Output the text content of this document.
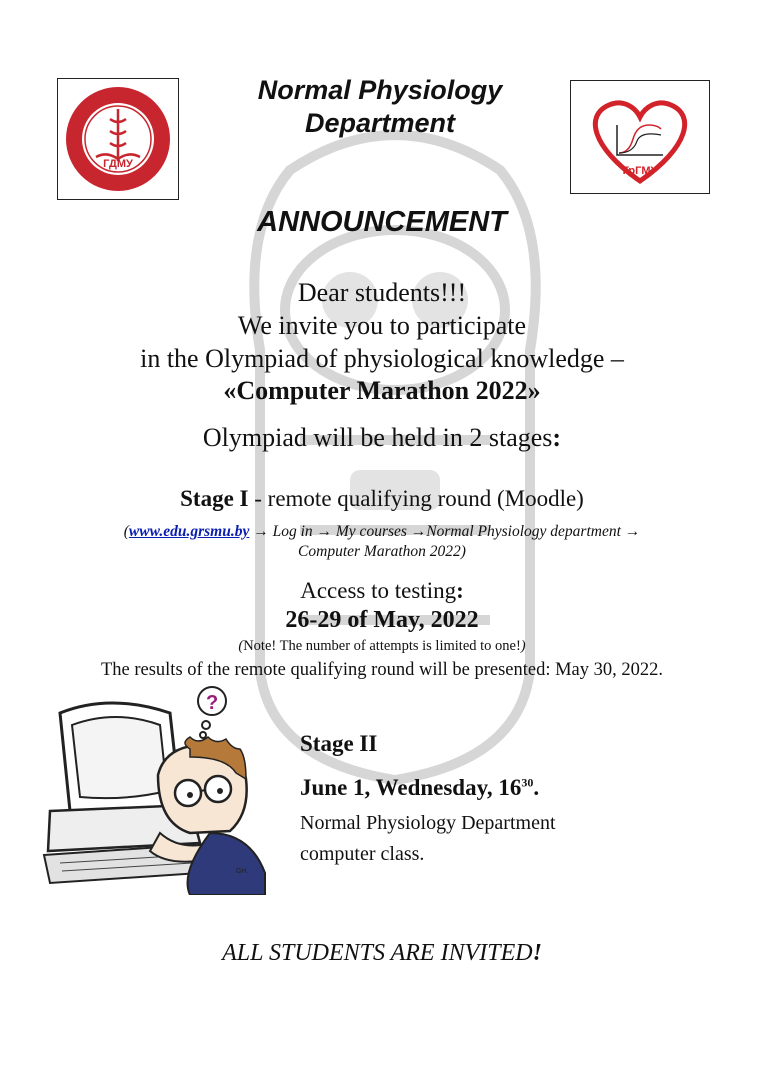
ГДМУ
ГрГМУ
Normal Physiology
Department
ANNOUNCEMENT
Dear students!!!
We invite you to participate
in the Olympiad of physiological knowledge –
«Computer Marathon 2022»
Olympiad will be held in 2 stages:
Stage I - remote qualifying round (Moodle)
(www.edu.grsmu.by → Log in → My courses →Normal Physiology department →
Computer Marathon 2022)
Access to testing:
26-29 of May, 2022
(Note! The number of attempts is limited to one!)
The results of the remote qualifying round will be presented: May 30, 2022.
?
GH.
Stage II
June 1, Wednesday, $16^{30}$.
Normal Physiology Department
computer class.
ALL STUDENTS ARE INVITED!
